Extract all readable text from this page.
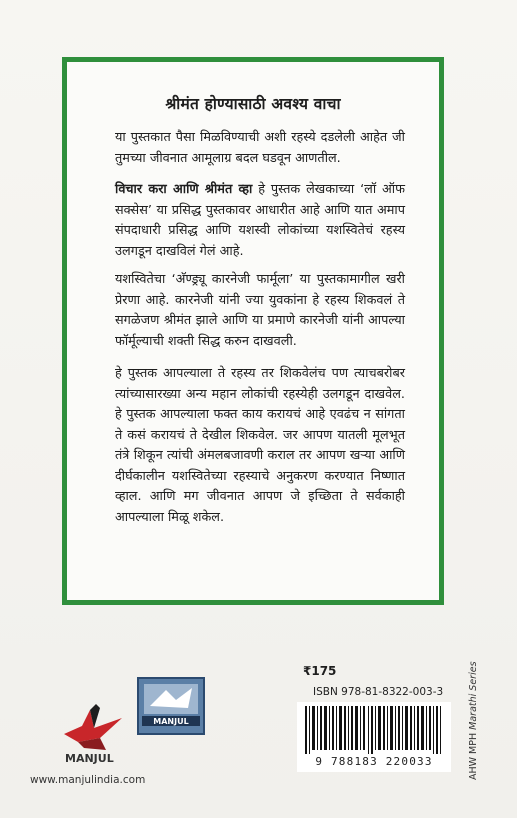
श्रीमंत होण्यासाठी अवश्य वाचा
या पुस्तकात पैसा मिळविण्याची अशी रहस्ये दडलेली आहेत जी तुमच्या जीवनात आमूलाग्र बदल घडवून आणतील.
विचार करा आणि श्रीमंत व्हा हे पुस्तक लेखकाच्या ‘लॉ ऑफ सक्सेस’ या प्रसिद्ध पुस्तकावर आधारीत आहे आणि यात अमाप संपदाधारी प्रसिद्ध आणि यशस्वी लोकांच्या यशस्वितेचं रहस्य उलगडून दाखविलं गेलं आहे.
यशस्वितेचा ‘अ‍ॅण्ड्र्यू कारनेजी फार्मूला’ या पुस्तकामागील खरी प्रेरणा आहे. कारनेजी यांनी ज्या युवकांना हे रहस्य शिकवलं ते सगळेजण श्रीमंत झाले आणि या प्रमाणे कारनेजी यांनी आपल्या फॉर्मूल्याची शक्ती सिद्ध करुन दाखवली.
हे पुस्तक आपल्याला ते रहस्य तर शिकवेलंच पण त्याचबरोबर त्यांच्यासारख्या अन्य महान लोकांची रहस्येही उलगडून दाखवेल. हे पुस्तक आपल्याला फक्त काय करायचं आहे एवढंच न सांगता ते कसं करायचं ते देखील शिकवेल. जर आपण यातली मूलभूत तंत्रे शिकून त्यांची अंमलबजावणी कराल तर आपण खऱ्या आणि दीर्घकालीन यशस्वितेच्या रहस्याचे अनुकरण करण्यात निष्णात व्हाल. आणि मग जीवनात आपण जे इच्छिता ते सर्वकाही आपल्याला मिळू शकेल.
₹175
ISBN 978-81-8322-003-3
9 788183 220033	AHW MPH Marathi Series
MANJUL
MANJUL
www.manjulindia.com
